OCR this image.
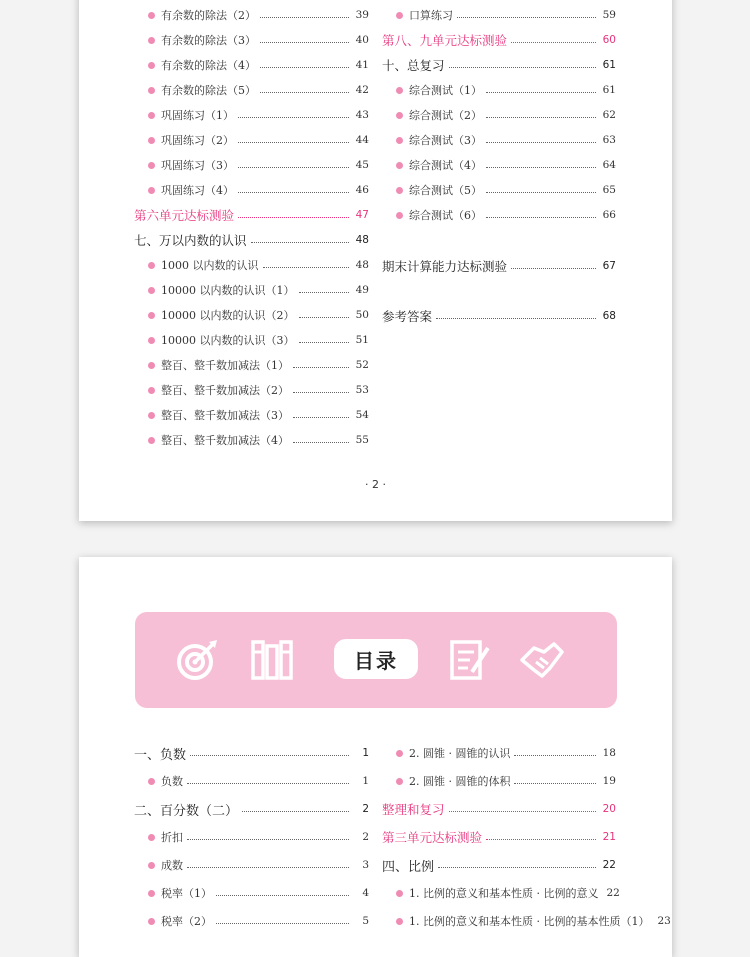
有余数的除法（2）	39
有余数的除法（3）	40
有余数的除法（4）	41
有余数的除法（5）	42
巩固练习（1）	43
巩固练习（2）	44
巩固练习（3）	45
巩固练习（4）	46
第六单元达标测验	47
七、万以内数的认识	48
1000 以内数的认识	48
10000 以内数的认识（1）	49
10000 以内数的认识（2）	50
10000 以内数的认识（3）	51
整百、整千数加减法（1）	52
整百、整千数加减法（2）	53
整百、整千数加减法（3）	54
整百、整千数加减法（4）	55
口算练习	59
第八、九单元达标测验	60
十、总复习	61
综合测试（1）	61
综合测试（2）	62
综合测试（3）	63
综合测试（4）	64
综合测试（5）	65
综合测试（6）	66
期末计算能力达标测验	67
参考答案	68
· 2 ·
目录
一、负数	1
负数	1
二、百分数（二）	2
折扣	2
成数	3
税率（1）	4
税率（2）	5
2. 圆锥 · 圆锥的认识	18
2. 圆锥 · 圆锥的体积	19
整理和复习	20
第三单元达标测验	21
四、比例	22
1. 比例的意义和基本性质 · 比例的意义 22
1. 比例的意义和基本性质 · 比例的基本性质（1） 23
